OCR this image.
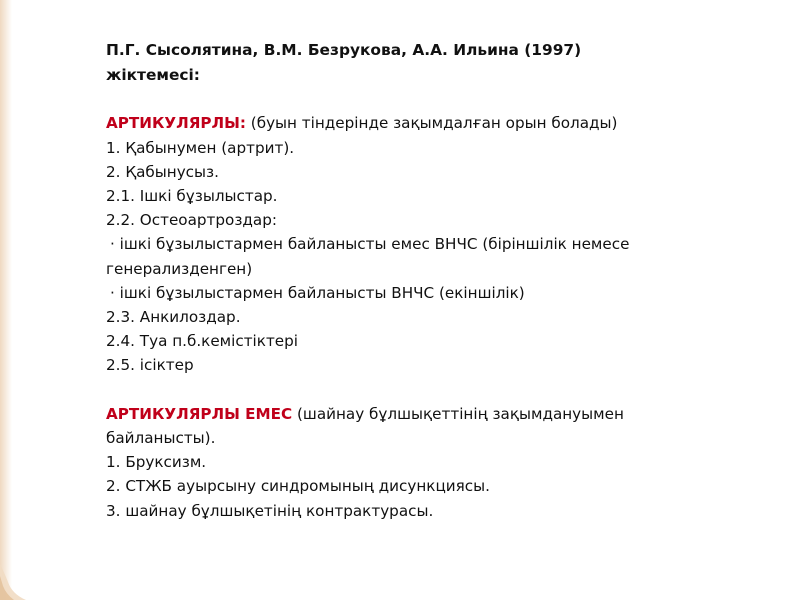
П.Г. Сысолятина, В.М. Безрукова, А.А. Ильина (1997)

жіктемесі:

АРТИКУЛЯРЛЫ: (буын тіндерінде зақымдалған орын болады)

1. Қабынумен (артрит).

2. Қабынусыз.

2.1. Ішкі бұзылыстар.

2.2. Остеоартроздар:

· ішкі бұзылыстармен байланысты емес ВНЧС (біріншілік немесе

генерализденген)

· ішкі бұзылыстармен байланысты ВНЧС (екіншілік)

2.3. Анкилоздар.

2.4. Туа п.б.кемістіктері

2.5. ісіктер

АРТИКУЛЯРЛЫ ЕМЕС (шайнау бұлшықеттінің зақымдануымен

байланысты).

1. Бруксизм.

2. СТЖБ ауырсыну синдромының дисункциясы.

3. шайнау бұлшықетінің контрактурасы.
